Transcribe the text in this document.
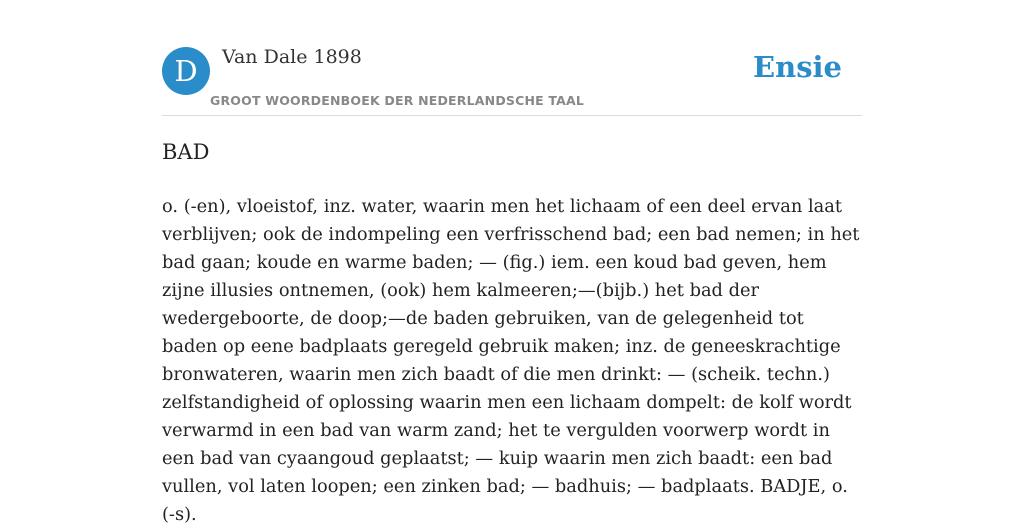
D	Van Dale 1898
GROOT WOORDENBOEK DER NEDERLANDSCHE TAAL
Ensie
BAD

o. (-en), vloeistof, inz. water, waarin men het lichaam of een deel ervan laat verblijven; ook de indompeling een verfrisschend bad; een bad nemen; in het bad gaan; koude en warme baden; — (fig.) iem. een koud bad geven, hem zijne illusies ontnemen, (ook) hem kalmeeren;—(bijb.) het bad der wedergeboorte, de doop;—de baden gebruiken, van de gelegenheid tot baden op eene badplaats geregeld gebruik maken; inz. de geneeskrachtige bronwateren, waarin men zich baadt of die men drinkt: — (scheik. techn.) zelfstandigheid of oplossing waarin men een lichaam dompelt: de kolf wordt verwarmd in een bad van warm zand; het te vergulden voorwerp wordt in een bad van cyaangoud geplaatst; — kuip waarin men zich baadt: een bad vullen, vol laten loopen; een zinken bad; — badhuis; — badplaats. BADJE, o. (-s).
